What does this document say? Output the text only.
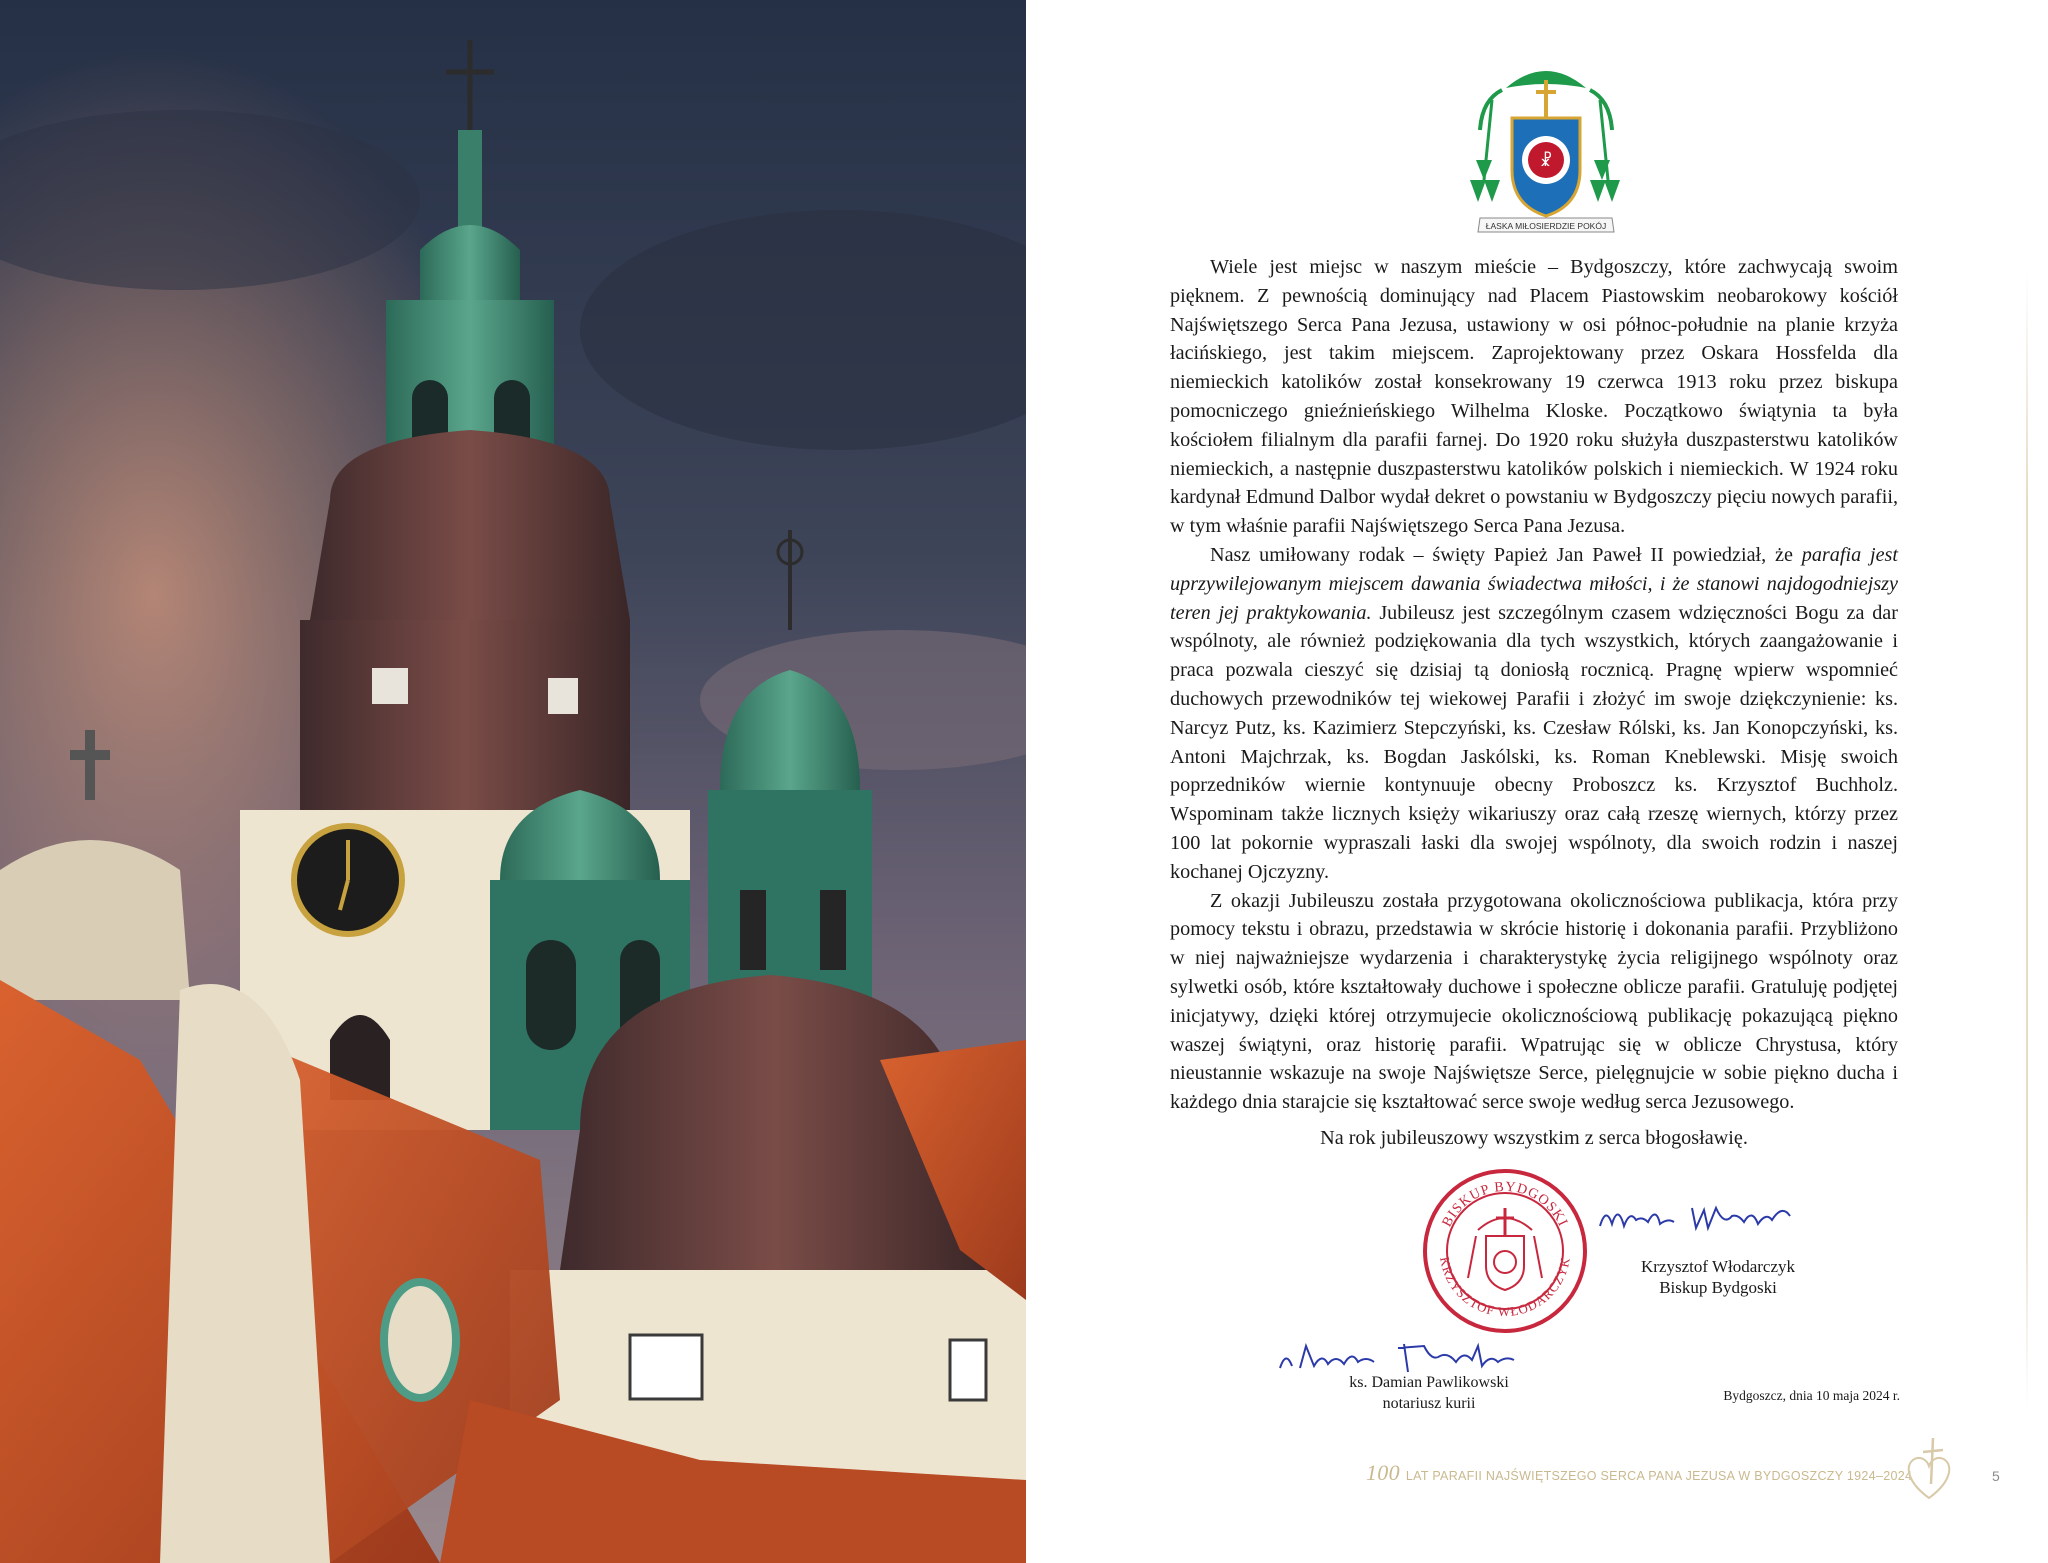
☧
ŁASKA MIŁOSIERDZIE POKÓJ

Wiele jest miejsc w naszym mieście – Bydgoszczy, które zachwycają swoim pięknem. Z pewnością dominujący nad Placem Piastowskim neobarokowy kościół Najświętszego Serca Pana Jezusa, ustawiony w osi północ-południe na planie krzyża łacińskiego, jest takim miejscem. Zaprojektowany przez Oskara Hossfelda dla niemieckich katolików został konsekrowany 19 czerwca 1913 roku przez biskupa pomocniczego gnieźnieńskiego Wilhelma Kloske. Początkowo świątynia ta była kościołem filialnym dla parafii farnej. Do 1920 roku służyła duszpasterstwu katolików niemieckich, a następnie duszpasterstwu katolików polskich i niemieckich. W 1924 roku kardynał Edmund Dalbor wydał dekret o powstaniu w Bydgoszczy pięciu nowych parafii, w tym właśnie parafii Najświętszego Serca Pana Jezusa.

Nasz umiłowany rodak – święty Papież Jan Paweł II powiedział, że parafia jest uprzywilejowanym miejscem dawania świadectwa miłości, i że stanowi najdogodniejszy teren jej praktykowania. Jubileusz jest szczególnym czasem wdzięczności Bogu za dar wspólnoty, ale również podziękowania dla tych wszystkich, których zaangażowanie i praca pozwala cieszyć się dzisiaj tą doniosłą rocznicą. Pragnę wpierw wspomnieć duchowych przewodników tej wiekowej Parafii i złożyć im swoje dziękczynienie: ks. Narcyz Putz, ks. Kazimierz Stepczyński, ks. Czesław Rólski, ks. Jan Konopczyński, ks. Antoni Majchrzak, ks. Bogdan Jaskólski, ks. Roman Kneblewski. Misję swoich poprzedników wiernie kontynuuje obecny Proboszcz ks. Krzysztof Buchholz. Wspominam także licznych księży wikariuszy oraz całą rzeszę wiernych, którzy przez 100 lat pokornie wypraszali łaski dla swojej wspólnoty, dla swoich rodzin i naszej kochanej Ojczyzny.

Z okazji Jubileuszu została przygotowana okolicznościowa publikacja, która przy pomocy tekstu i obrazu, przedstawia w skrócie historię i dokonania parafii. Przybliżono w niej najważniejsze wydarzenia i charakterystykę życia religijnego wspólnoty oraz sylwetki osób, które kształtowały duchowe i społeczne oblicze parafii. Gratuluję podjętej inicjatywy, dzięki której otrzymujecie okolicznościową publikację pokazującą piękno waszej świątyni, oraz historię parafii. Wpatrując się w oblicze Chrystusa, który nieustannie wskazuje na swoje Najświętsze Serce, pielęgnujcie w sobie piękno ducha i każdego dnia starajcie się kształtować serce swoje według serca Jezusowego.

Na rok jubileuszowy wszystkim z serca błogosławię.
BISKUP BYDGOSKI
KRZYSZTOF WŁODARCZYK	Krzysztof Włodarczyk
Biskup Bydgoski
ks. Damian Pawlikowski
notariusz kurii	Bydgoszcz, dnia 10 maja 2024 r.
100 LAT PARAFII NAJŚWIĘTSZEGO SERCA PANA JEZUSA W BYDGOSZCZY 1924–2024	5
